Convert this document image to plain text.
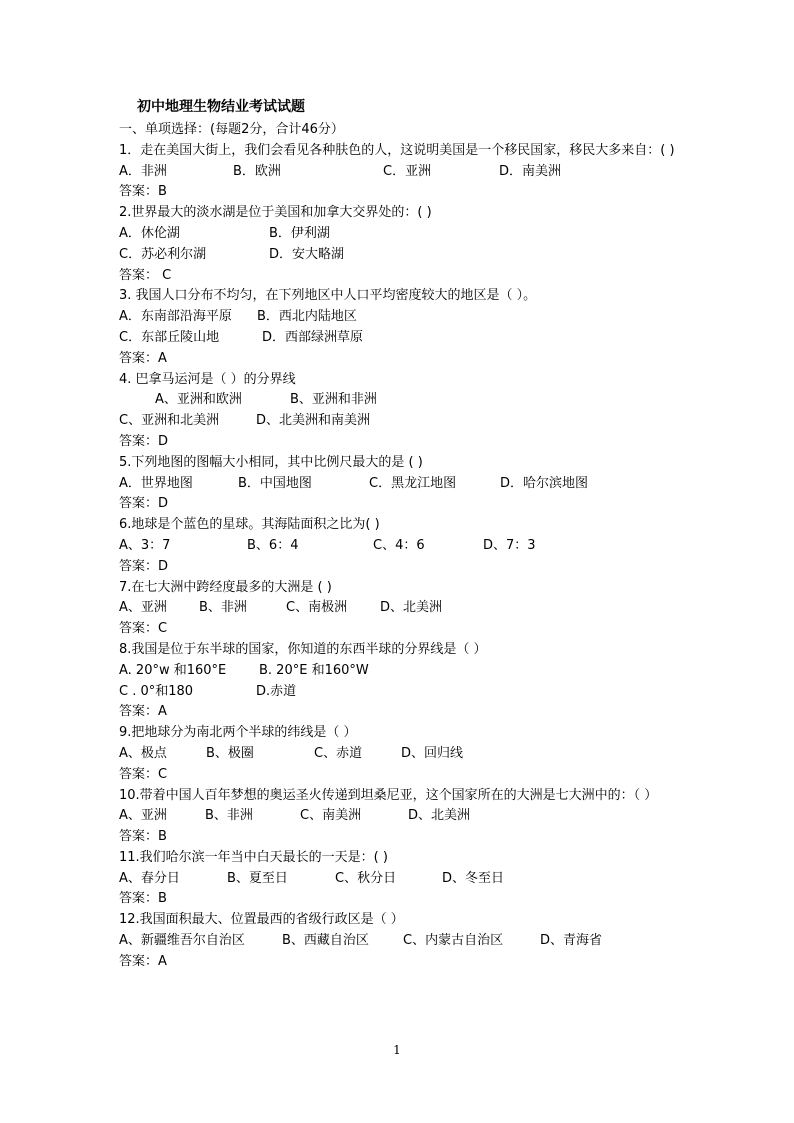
初中地理生物结业考试试题
一、单项选择：(每题2分，合计46分）
1．走在美国大街上，我们会看见各种肤色的人，这说明美国是一个移民国家，移民大多来自：( )
A．非洲	B．欧洲	C．亚洲	D．南美洲
答案：B
2.世界最大的淡水湖是位于美国和加拿大交界处的：( )
A．休伦湖	B．伊利湖
C．苏必利尔湖	D．安大略湖
答案： C
3. 我国人口分布不均匀，在下列地区中人口平均密度较大的地区是（ ）。
A．东南部沿海平原 B．西北内陆地区
C．东部丘陵山地	D．西部绿洲草原
答案：A
4. 巴拿马运河是（ ）的分界线
A、亚洲和欧洲	B、亚洲和非洲
C、亚洲和北美洲	D、北美洲和南美洲
答案：D
5.下列地图的图幅大小相同，其中比例尺最大的是 ( )
A．世界地图	B．中国地图	C．黑龙江地图	D．哈尔滨地图
答案：D
6.地球是个蓝色的星球。其海陆面积之比为( )
A、3：7	B、6：4	C、4：6	D、7：3
答案：D
7.在七大洲中跨经度最多的大洲是 ( )
A、亚洲 B、非洲	C、南极洲	D、北美洲
答案：C
8.我国是位于东半球的国家，你知道的东西半球的分界线是（ ）
A. 20°w 和160°E	B. 20°E 和160°W
C . 0°和180	D.赤道
答案：A
9.把地球分为南北两个半球的纬线是（ ）
A、极点	B、极圈	C、赤道	D、回归线
答案：C
10.带着中国人百年梦想的奥运圣火传递到坦桑尼亚，这个国家所在的大洲是七大洲中的：（ ）
A、亚洲	B、非洲	C、南美洲	D、北美洲
答案：B
11.我们哈尔滨一年当中白天最长的一天是：( )
A、春分日	B、夏至日	C、秋分日	D、冬至日
答案：B
12.我国面积最大、位置最西的省级行政区是（ ）
A、新疆维吾尔自治区	B、西藏自治区	C、内蒙古自治区	D、青海省
答案：A
1
